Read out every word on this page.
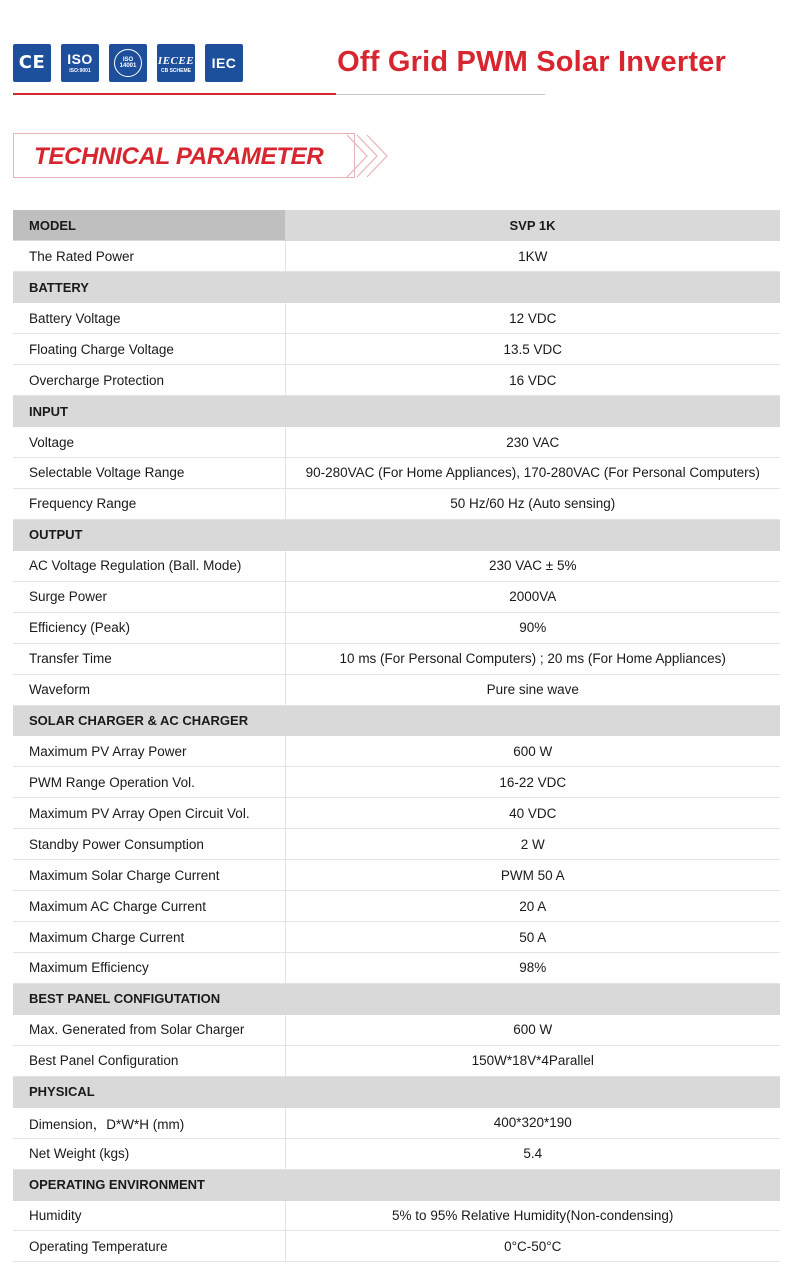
CE ISO
ISO:9001
ISO
14001 IECEE
CB SCHEME IEC	Off Grid PWM Solar Inverter
TECHNICAL PARAMETER
MODEL	SVP 1K
The Rated Power	1KW
BATTERY	
Battery Voltage	12 VDC
Floating Charge Voltage	13.5 VDC
Overcharge Protection	16 VDC
INPUT	
Voltage	230 VAC
Selectable Voltage Range	90-280VAC (For Home Appliances), 170-280VAC (For Personal Computers)
Frequency Range	50 Hz/60 Hz (Auto sensing)
OUTPUT	
AC Voltage Regulation (Ball. Mode)	230 VAC ± 5%
Surge Power	2000VA
Efficiency (Peak)	90%
Transfer Time	10 ms (For Personal Computers) ; 20 ms (For Home Appliances)
Waveform	Pure sine wave
SOLAR CHARGER & AC CHARGER	
Maximum PV Array Power	600 W
PWM Range Operation Vol.	16-22 VDC
Maximum PV Array Open Circuit Vol.	40 VDC
Standby Power Consumption	2 W
Maximum Solar Charge Current	PWM 50 A
Maximum AC Charge Current	20 A
Maximum Charge Current	50 A
Maximum Efficiency	98%
BEST PANEL CONFIGUTATION	
Max. Generated from Solar Charger	600 W
Best Panel Configuration	150W*18V*4Parallel
PHYSICAL	
Dimension，D*W*H (mm)	400*320*190
Net Weight (kgs)	5.4
OPERATING ENVIRONMENT	
Humidity	5% to 95% Relative Humidity(Non-condensing)
Operating Temperature	0°C-50°C
